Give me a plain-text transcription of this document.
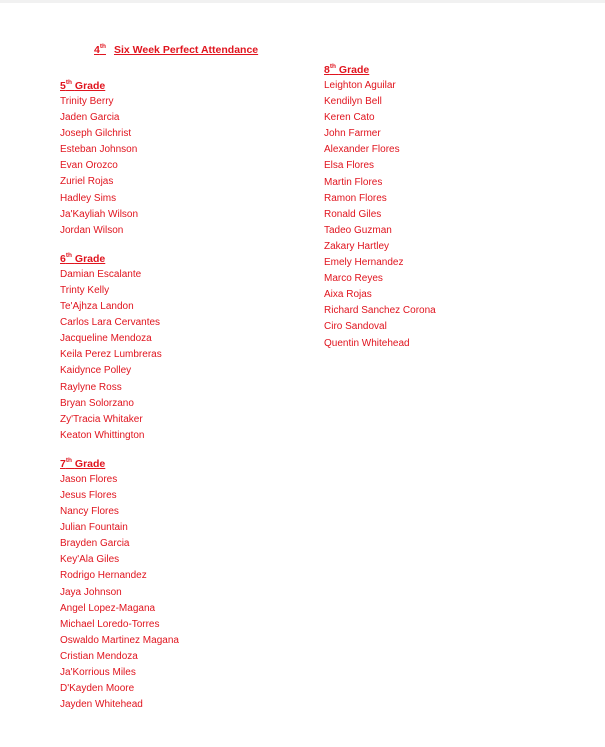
4th Six Week Perfect Attendance
5th Grade
Trinity Berry
Jaden Garcia
Joseph Gilchrist
Esteban Johnson
Evan Orozco
Zuriel Rojas
Hadley Sims
Ja'Kayliah Wilson
Jordan Wilson
6th Grade
Damian Escalante
Trinty Kelly
Te'Ajhza Landon
Carlos Lara Cervantes
Jacqueline Mendoza
Keila Perez Lumbreras
Kaidynce Polley
Raylyne Ross
Bryan Solorzano
Zy'Tracia Whitaker
Keaton Whittington
7th Grade
Jason Flores
Jesus Flores
Nancy Flores
Julian Fountain
Brayden Garcia
Key'Ala Giles
Rodrigo Hernandez
Jaya Johnson
Angel Lopez-Magana
Michael Loredo-Torres
Oswaldo Martinez Magana
Cristian Mendoza
Ja'Korrious Miles
D'Kayden Moore
Jayden Whitehead
8th Grade
Leighton Aguilar
Kendilyn Bell
Keren Cato
John Farmer
Alexander Flores
Elsa Flores
Martin Flores
Ramon Flores
Ronald Giles
Tadeo Guzman
Zakary Hartley
Emely Hernandez
Marco Reyes
Aixa Rojas
Richard Sanchez Corona
Ciro Sandoval
Quentin Whitehead
